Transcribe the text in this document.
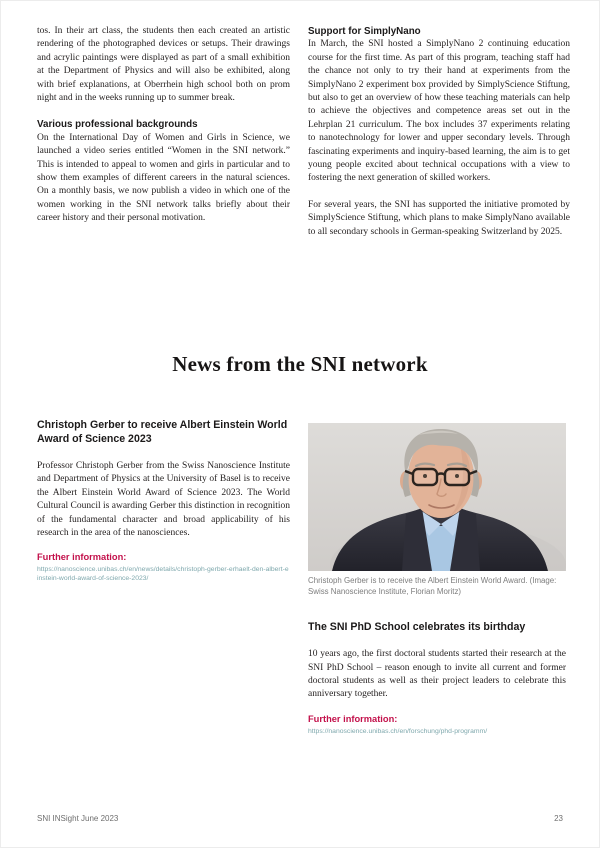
tos. In their art class, the students then each created an artistic rendering of the photographed devices or setups. Their drawings and acrylic paintings were displayed as part of a small exhibition at the Department of Physics and will also be exhibited, along with brief explanations, at Oberrhein high school both on prom night and in the weeks running up to summer break.

Various professional backgrounds

On the International Day of Women and Girls in Science, we launched a video series entitled “Women in the SNI network.” This is intended to appeal to women and girls in particular and to show them examples of different careers in the natural sciences. On a monthly basis, we now publish a video in which one of the women working in the SNI network talks briefly about their career history and their personal motivation.

Support for SimplyNano

In March, the SNI hosted a SimplyNano 2 continuing education course for the first time. As part of this program, teaching staff had the chance not only to try their hand at experiments from the SimplyNano 2 experiment box provided by SimplyScience Stiftung, but also to get an overview of how these teaching materials can help to achieve the objectives and competence areas set out in the Lehrplan 21 curriculum. The box includes 37 experiments relating to nanotechnology for lower and upper secondary levels. Through fascinating experiments and inquiry-based learning, the aim is to get young people excited about technical occupations with a view to fostering the next generation of skilled workers.

For several years, the SNI has supported the initiative promoted by SimplyScience Stiftung, which plans to make SimplyNano available to all secondary schools in German-speaking Switzerland by 2025.

News from the SNI network
Christoph Gerber to receive Albert Einstein World Award of Science 2023

Professor Christoph Gerber from the Swiss Nanoscience Institute and Department of Physics at the University of Basel is to receive the Albert Einstein World Award of Science 2023. The World Cultural Council is awarding Gerber this distinction in recognition of the fundamental character and broad applicability of his research in the area of the nanosciences.

Further information:
https://nanoscience.unibas.ch/en/news/details/christoph-gerber-erhaelt-den-albert-einstein-world-award-of-science-2023/	Christoph Gerber is to receive the Albert Einstein World Award. (Image: Swiss Nanoscience Institute, Florian Moritz)
The SNI PhD School celebrates its birthday

10 years ago, the first doctoral students started their research at the SNI PhD School – reason enough to invite all current and former doctoral students as well as their project leaders to celebrate this anniversary together.

Further information:
https://nanoscience.unibas.ch/en/forschung/phd-programm/
SNI INSight June 2023	23
